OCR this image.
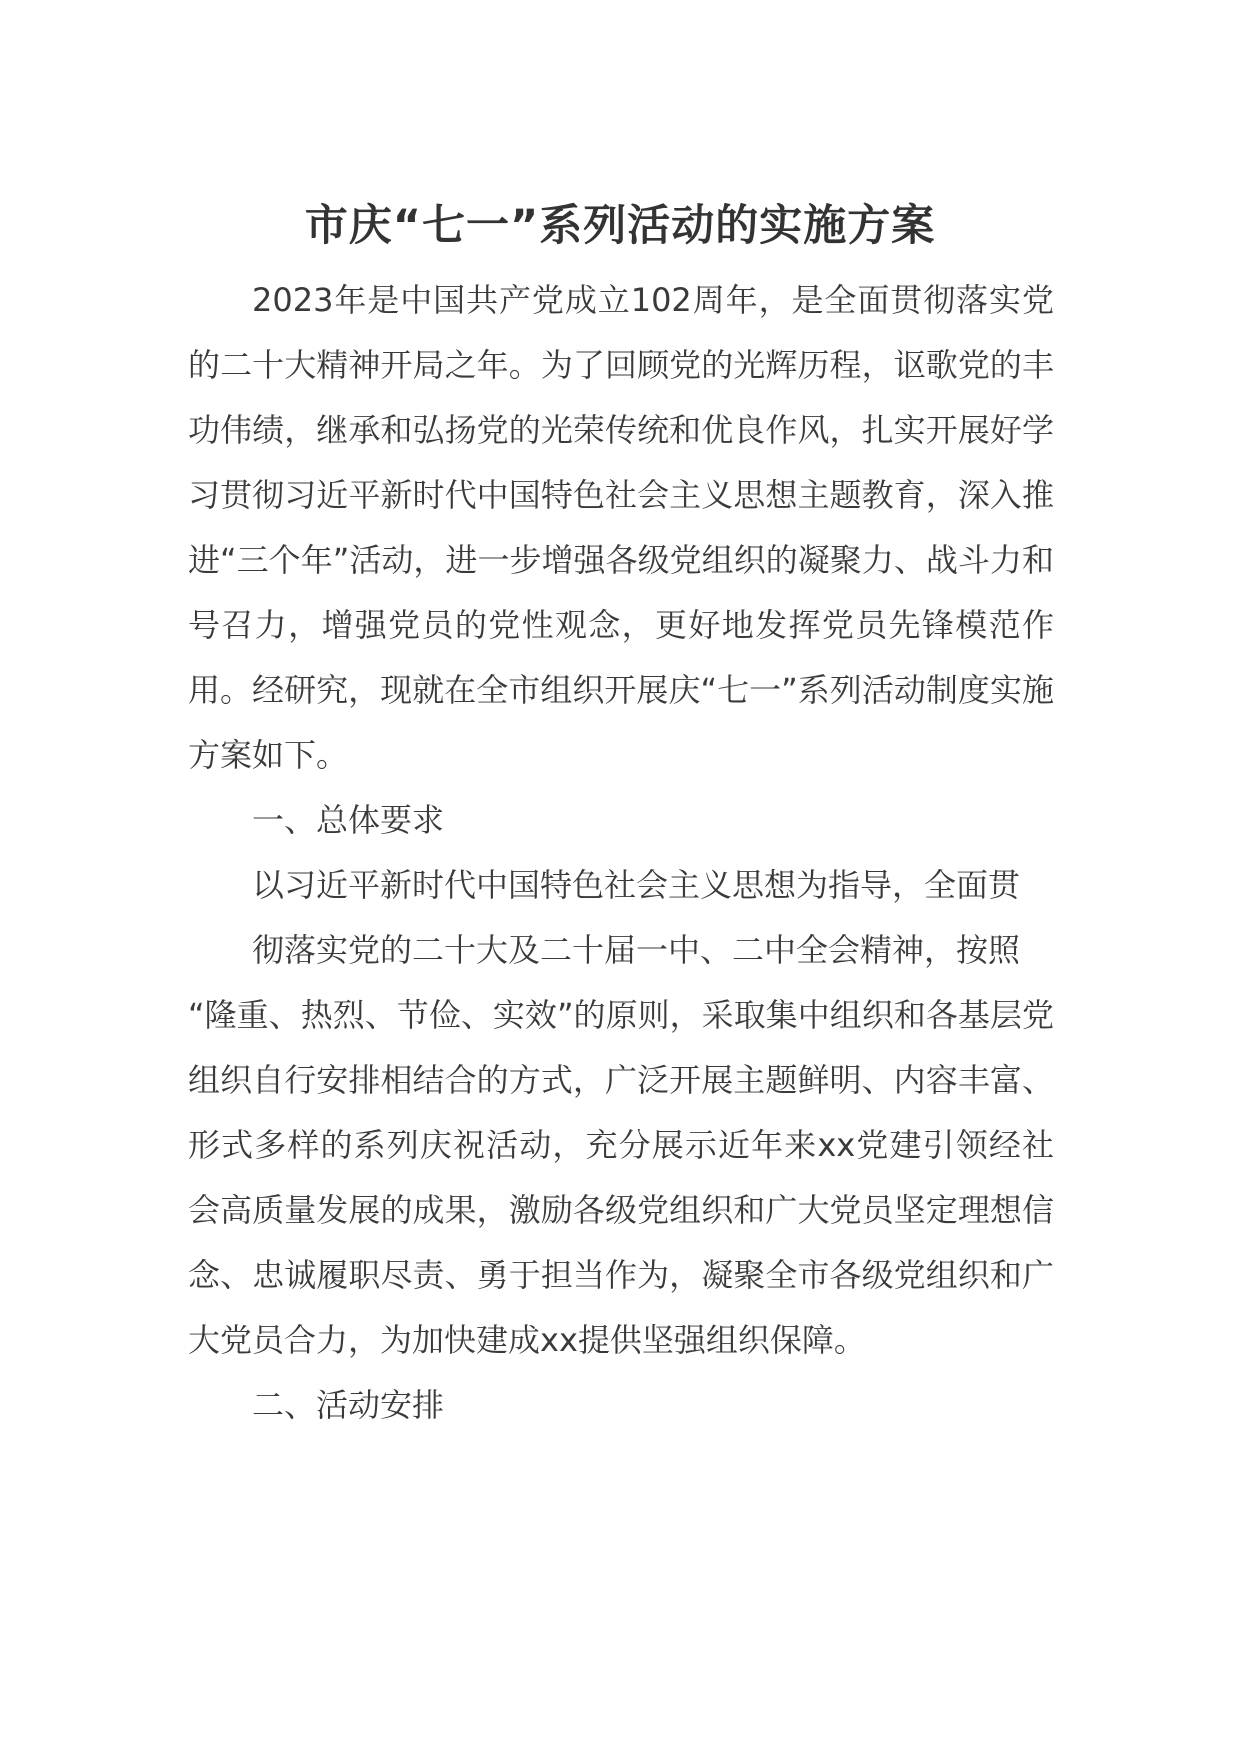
市庆“七一”系列活动的实施方案

2023年是中国共产党成立102周年，是全面贯彻落实党的二十大精神开局之年。为了回顾党的光辉历程，讴歌党的丰功伟绩，继承和弘扬党的光荣传统和优良作风，扎实开展好学习贯彻习近平新时代中国特色社会主义思想主题教育，深入推进“三个年”活动，进一步增强各级党组织的凝聚力、战斗力和号召力，增强党员的党性观念，更好地发挥党员先锋模范作用。经研究，现就在全市组织开展庆“七一”系列活动制度实施方案如下。

一、总体要求

以习近平新时代中国特色社会主义思想为指导，全面贯

彻落实党的二十大及二十届一中、二中全会精神，按照

“隆重、热烈、节俭、实效”的原则，采取集中组织和各基层党组织自行安排相结合的方式，广泛开展主题鲜明、内容丰富、形式多样的系列庆祝活动，充分展示近年来xx党建引领经社会高质量发展的成果，激励各级党组织和广大党员坚定理想信念、忠诚履职尽责、勇于担当作为，凝聚全市各级党组织和广大党员合力，为加快建成xx提供坚强组织保障。

二、活动安排
